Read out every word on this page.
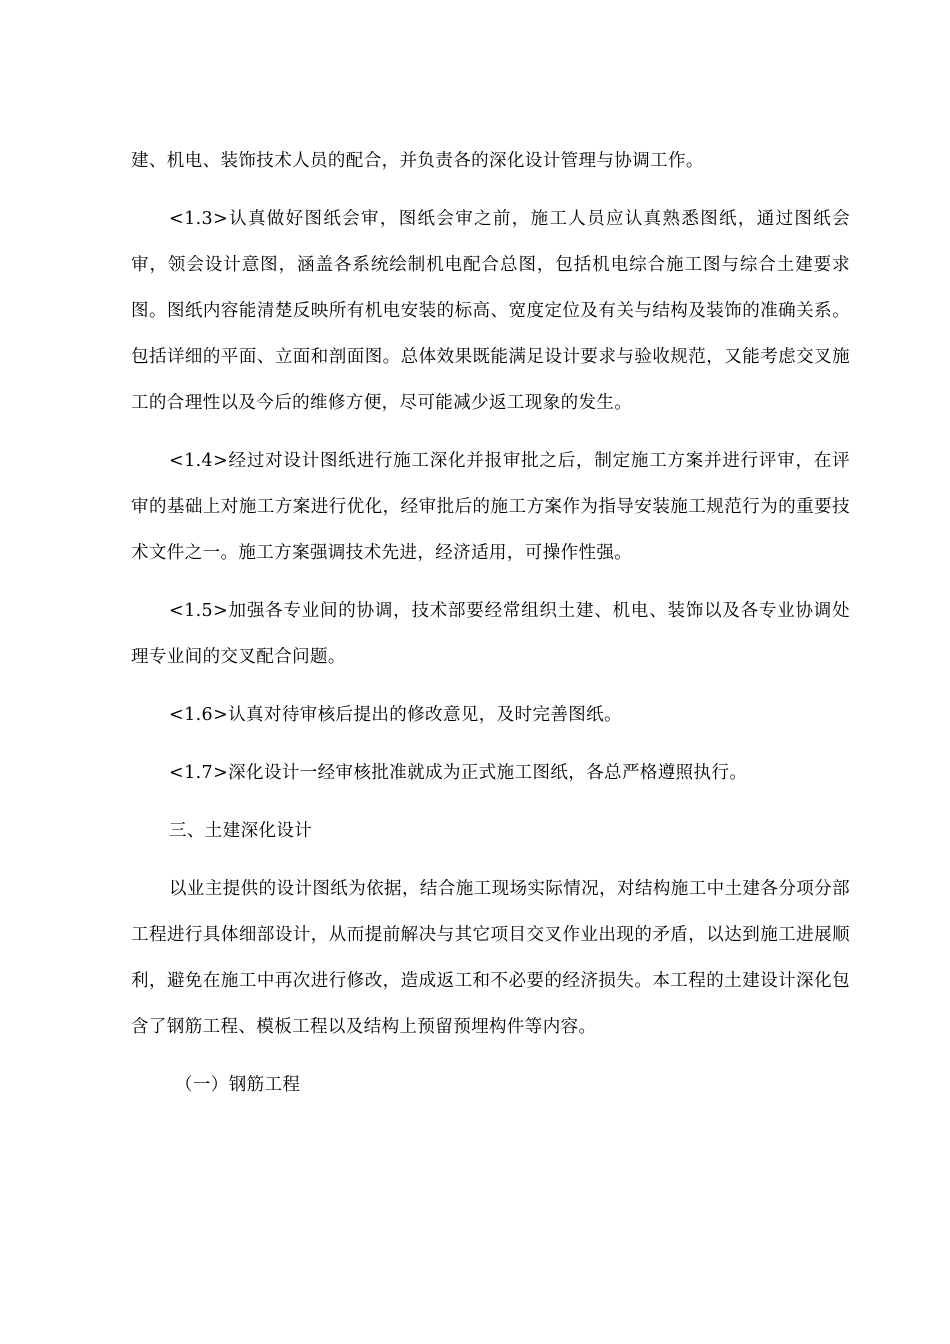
建、机电、装饰技术人员的配合，并负责各的深化设计管理与协调工作。

<1.3>认真做好图纸会审，图纸会审之前，施工人员应认真熟悉图纸，通过图纸会审，领会设计意图，涵盖各系统绘制机电配合总图，包括机电综合施工图与综合土建要求图。图纸内容能清楚反映所有机电安装的标高、宽度定位及有关与结构及装饰的准确关系。包括详细的平面、立面和剖面图。总体效果既能满足设计要求与验收规范，又能考虑交叉施工的合理性以及今后的维修方便，尽可能减少返工现象的发生。

<1.4>经过对设计图纸进行施工深化并报审批之后，制定施工方案并进行评审，在评审的基础上对施工方案进行优化，经审批后的施工方案作为指导安装施工规范行为的重要技术文件之一。施工方案强调技术先进，经济适用，可操作性强。

<1.5>加强各专业间的协调，技术部要经常组织土建、机电、装饰以及各专业协调处理专业间的交叉配合问题。

<1.6>认真对待审核后提出的修改意见，及时完善图纸。

<1.7>深化设计一经审核批准就成为正式施工图纸，各总严格遵照执行。

三、土建深化设计

以业主提供的设计图纸为依据，结合施工现场实际情况，对结构施工中土建各分项分部工程进行具体细部设计，从而提前解决与其它项目交叉作业出现的矛盾，以达到施工进展顺利，避免在施工中再次进行修改，造成返工和不必要的经济损失。本工程的土建设计深化包含了钢筋工程、模板工程以及结构上预留预埋构件等内容。

（一）钢筋工程
